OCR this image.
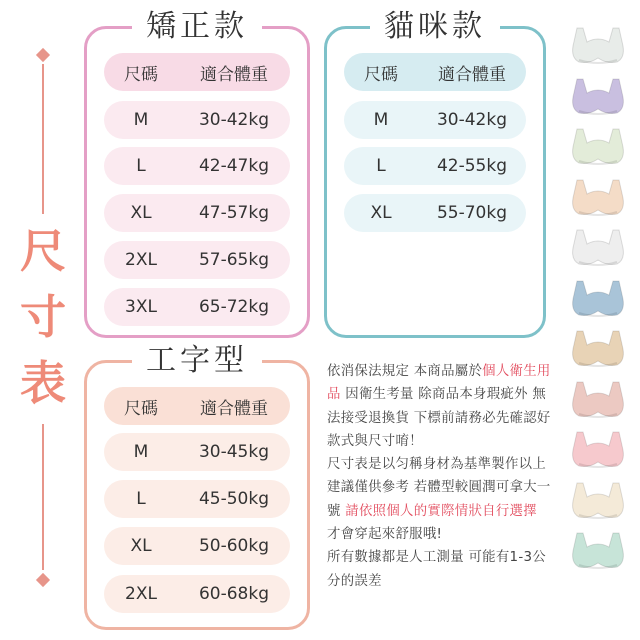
尺
寸
表
矯正款
尺碼	適合體重
M	30-42kg
L	42-47kg
XL	47-57kg
2XL	57-65kg
3XL	65-72kg
貓咪款
尺碼	適合體重
M	30-42kg
L	42-55kg
XL	55-70kg
工字型
尺碼	適合體重
M	30-45kg
L	45-50kg
XL	50-60kg
2XL	60-68kg
依消保法規定 本商品屬於個人衛生用品 因衛生考量 除商品本身瑕疵外 無法接受退換貨 下標前請務必先確認好款式與尺寸唷！
尺寸表是以匀稱身材為基準製作以上建議僅供參考 若體型較圓潤可拿大一號 請依照個人的實際情狀自行選擇 才會穿起來舒服哦!
所有數據都是人工測量 可能有1-3公分的誤差
